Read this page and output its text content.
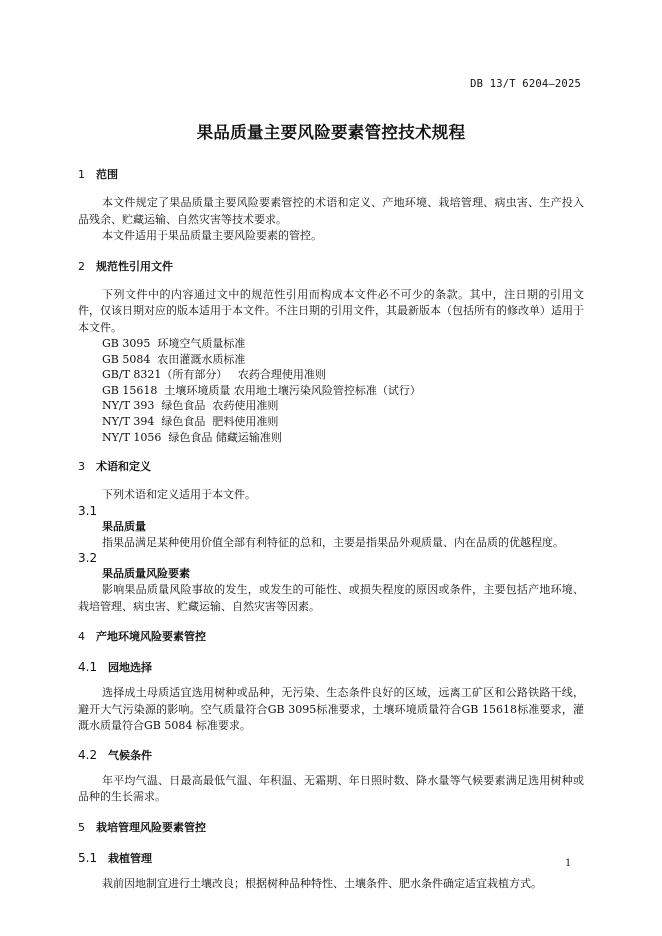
DB 13/T 6204—2025
果品质量主要风险要素管控技术规程
1 范围
本文件规定了果品质量主要风险要素管控的术语和定义、产地环境、栽培管理、病虫害、生产投入品残余、贮藏运输、自然灾害等技术要求。
本文件适用于果品质量主要风险要素的管控。
2 规范性引用文件
下列文件中的内容通过文中的规范性引用而构成本文件必不可少的条款。其中，注日期的引用文件，仅该日期对应的版本适用于本文件。不注日期的引用文件，其最新版本（包括所有的修改单）适用于本文件。
GB 3095  环境空气质量标准
GB 5084  农田灌溉水质标准
GB/T 8321（所有部分）   农药合理使用准则
GB 15618  土壤环境质量 农用地土壤污染风险管控标准（试行）
NY/T 393  绿色食品  农药使用准则
NY/T 394  绿色食品  肥料使用准则
NY/T 1056  绿色食品 储藏运输准则
3 术语和定义
下列术语和定义适用于本文件。
3.1
果品质量
指果品满足某种使用价值全部有利特征的总和，主要是指果品外观质量、内在品质的优越程度。
3.2
果品质量风险要素
影响果品质量风险事故的发生，或发生的可能性、或损失程度的原因或条件，主要包括产地环境、栽培管理、病虫害、贮藏运输、自然灾害等因素。
4 产地环境风险要素管控
4.1 园地选择
选择成土母质适宜选用树种或品种，无污染、生态条件良好的区域，远离工矿区和公路铁路干线，避开大气污染源的影响。空气质量符合GB 3095标准要求，土壤环境质量符合GB 15618标准要求，灌溉水质量符合GB 5084 标准要求。
4.2 气候条件
年平均气温、日最高最低气温、年积温、无霜期、年日照时数、降水量等气候要素满足选用树种或品种的生长需求。
5 栽培管理风险要素管控
5.1 栽植管理
栽前因地制宜进行土壤改良；根据树种品种特性、土壤条件、肥水条件确定适宜栽植方式。
1
